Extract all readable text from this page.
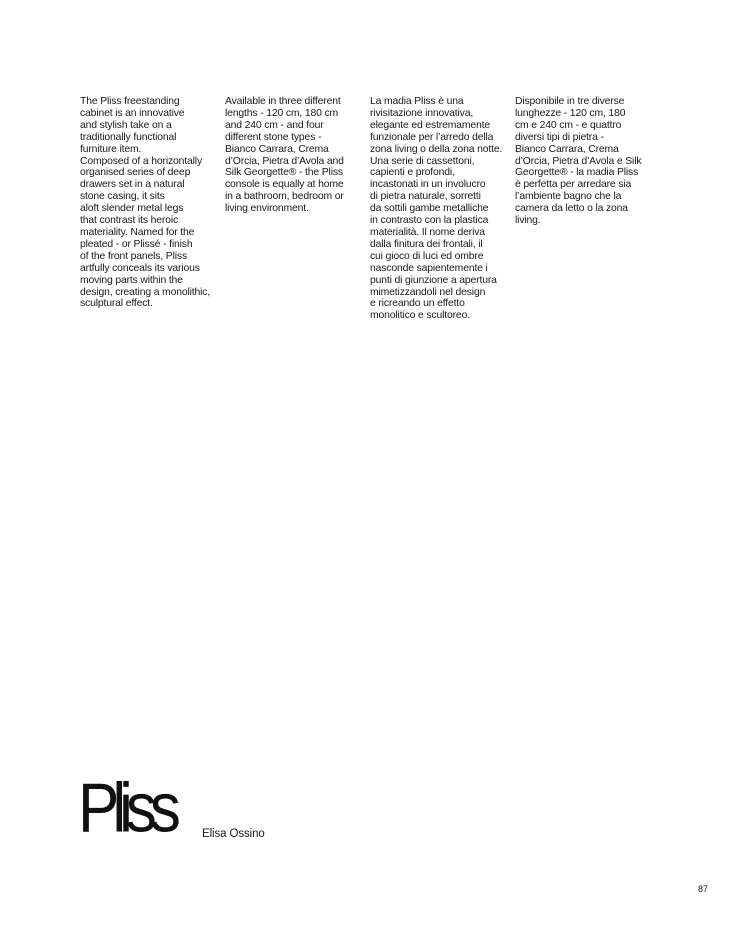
The Pliss freestanding
cabinet is an innovative
and stylish take on a
traditionally functional
furniture item.
Composed of a horizontally
organised series of deep
drawers set in a natural
stone casing, it sits
aloft slender metal legs
that contrast its heroic
materiality. Named for the
pleated - or Plissé - finish
of the front panels, Pliss
artfully conceals its various
moving parts within the
design, creating a monolithic,
sculptural effect.

Available in three different
lengths - 120 cm, 180 cm
and 240 cm - and four
different stone types -
Bianco Carrara, Crema
d’Orcia, Pietra d’Avola and
Silk Georgette® - the Pliss
console is equally at home
in a bathroom, bedroom or
living environment.

La madia Pliss è una
rivisitazione innovativa,
elegante ed estremamente
funzionale per l’arredo della
zona living o della zona notte.
Una serie di cassettoni,
capienti e profondi,
incastonati in un involucro
di pietra naturale, sorretti
da sottili gambe metalliche
in contrasto con la plastica
materialità. Il nome deriva
dalla finitura dei frontali, il
cui gioco di luci ed ombre
nasconde sapientemente i
punti di giunzione a apertura
mimetizzandoli nel design
e ricreando un effetto
monolitico e scultoreo.

Disponibile in tre diverse
lunghezze - 120 cm, 180
cm e 240 cm - e quattro
diversi tipi di pietra -
Bianco Carrara, Crema
d’Orcia, Pietra d’Avola e Silk
Georgette® - la madia Pliss
è perfetta per arredare sia
l’ambiente bagno che la
camera da letto o la zona
living.

Pliss Elisa Ossino
87
